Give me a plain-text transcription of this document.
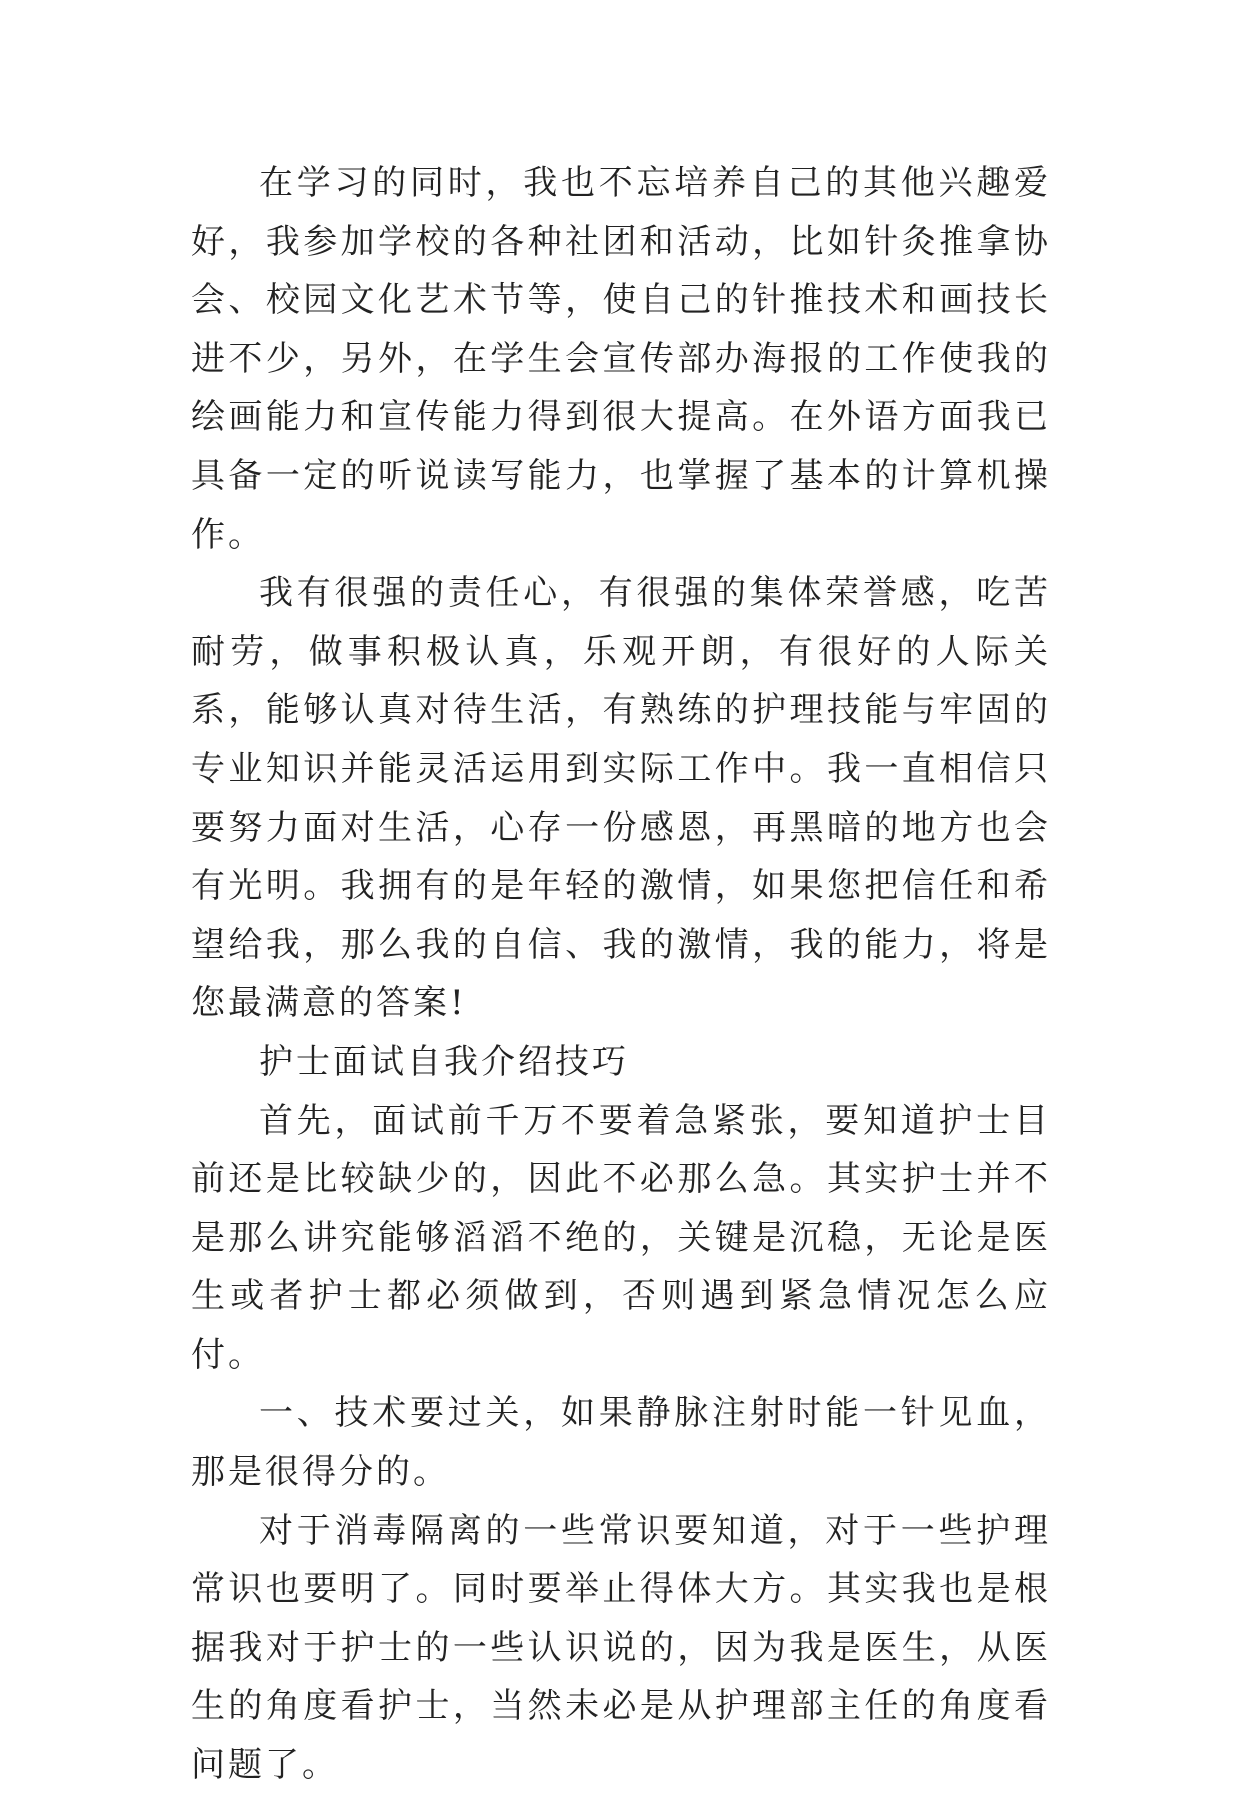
在学习的同时，我也不忘培养自己的其他兴趣爱好，我参加学校的各种社团和活动，比如针灸推拿协会、校园文化艺术节等，使自己的针推技术和画技长进不少，另外，在学生会宣传部办海报的工作使我的绘画能力和宣传能力得到很大提高。在外语方面我已具备一定的听说读写能力，也掌握了基本的计算机操作。

我有很强的责任心，有很强的集体荣誉感，吃苦耐劳，做事积极认真，乐观开朗，有很好的人际关系，能够认真对待生活，有熟练的护理技能与牢固的专业知识并能灵活运用到实际工作中。我一直相信只要努力面对生活，心存一份感恩，再黑暗的地方也会有光明。我拥有的是年轻的激情，如果您把信任和希望给我，那么我的自信、我的激情，我的能力，将是您最满意的答案!

护士面试自我介绍技巧

首先，面试前千万不要着急紧张，要知道护士目前还是比较缺少的，因此不必那么急。其实护士并不是那么讲究能够滔滔不绝的，关键是沉稳，无论是医生或者护士都必须做到，否则遇到紧急情况怎么应付。

一、技术要过关，如果静脉注射时能一针见血，那是很得分的。

对于消毒隔离的一些常识要知道，对于一些护理常识也要明了。同时要举止得体大方。其实我也是根据我对于护士的一些认识说的，因为我是医生，从医生的角度看护士，当然未必是从护理部主任的角度看问题了。
